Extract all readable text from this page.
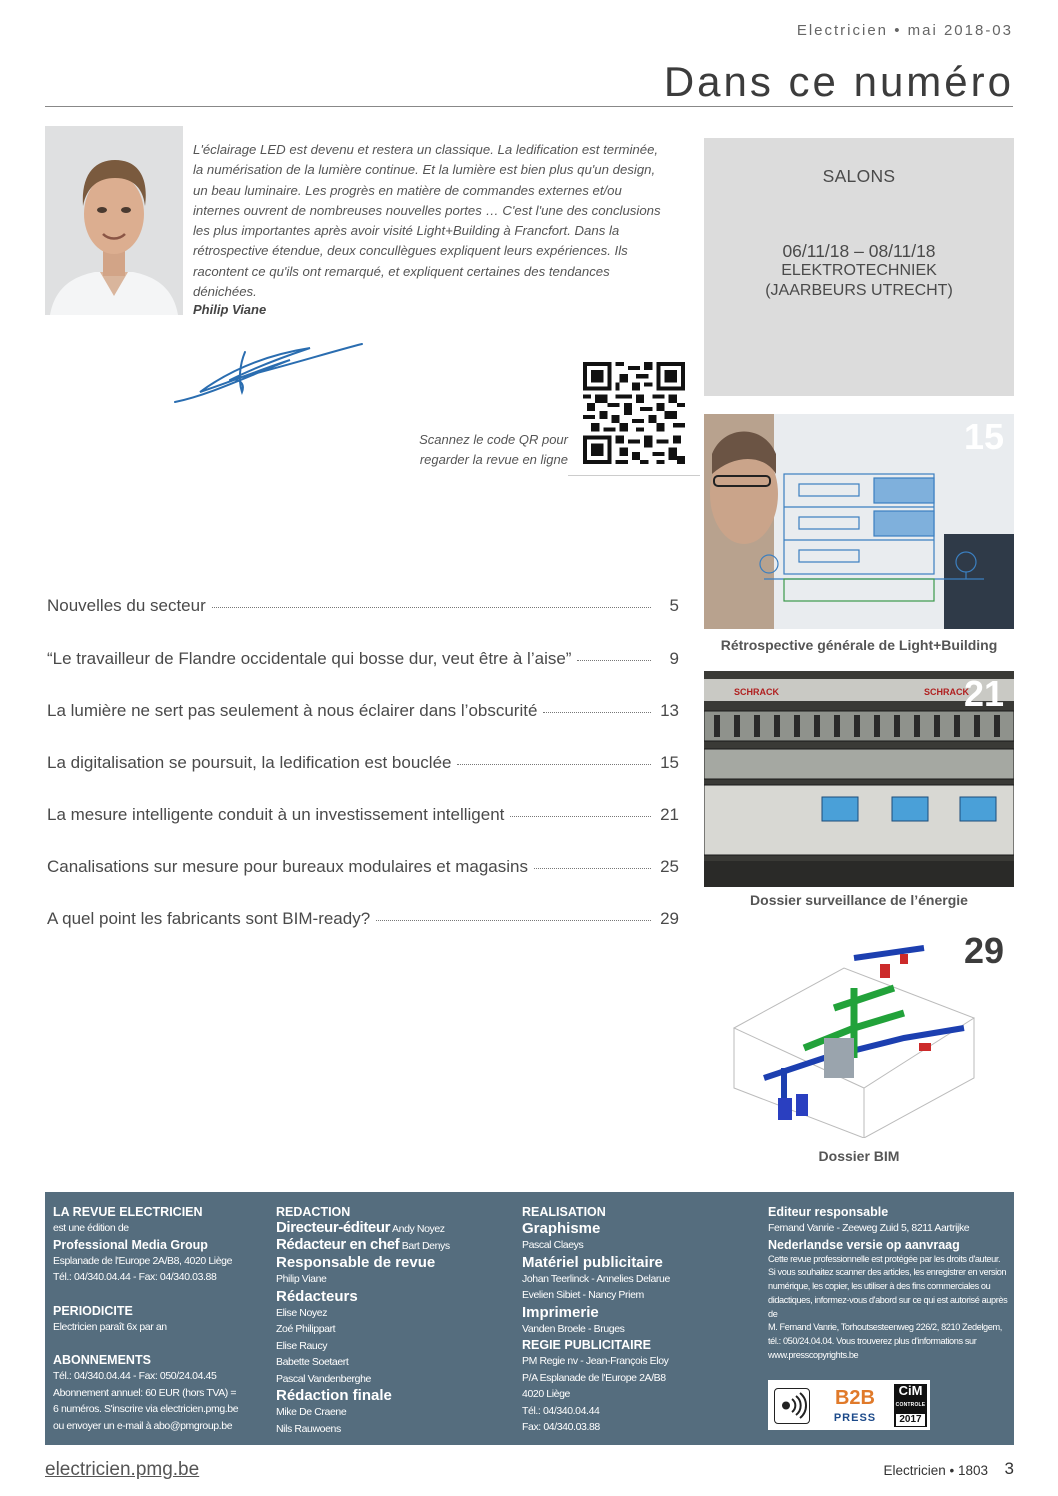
Electricien • mai 2018-03
Dans ce numéro

L'éclairage LED est devenu et restera un classique. La ledification est terminée, la numérisation de la lumière continue. Et la lumière est bien plus qu'un design, un beau luminaire. Les progrès en matière de commandes externes et/ou internes ouvrent de nombreuses nouvelles portes … C'est l'une des conclusions les plus importantes après avoir visité Light+Building à Francfort. Dans la rétrospective étendue, deux concullègues expliquent leurs expériences. Ils racontent ce qu'ils ont remarqué, et expliquent certaines des tendances dénichées.

Philip Viane
Scannez le code QR pour
regarder la revue en ligne
SALONS
06/11/18 – 08/11/18
ELEKTROTECHNIEK
(JAARBEURS UTRECHT)
15
Rétrospective générale de Light+Building
SCHRACK	SCHRACK
21
Dossier surveillance de l’énergie
29
Dossier BIM
Nouvelles du secteur	5
“Le travailleur de Flandre occidentale qui bosse dur, veut être à l’aise”	9
La lumière ne sert pas seulement à nous éclairer dans l’obscurité	13
La digitalisation se poursuit, la ledification est bouclée	15
La mesure intelligente conduit à un investissement intelligent	21
Canalisations sur mesure pour bureaux modulaires et magasins	25
A quel point les fabricants sont BIM-ready?	29
LA REVUE ELECTRICIEN
est une édition de
Professional Media Group
Esplanade de l'Europe 2A/B8, 4020 Liège
Tél.: 04/340.04.44 - Fax: 04/340.03.88
PERIODICITE
Electricien paraît 6x par an
ABONNEMENTS
Tél.: 04/340.04.44 - Fax: 050/24.04.45
Abonnement annuel: 60 EUR (hors TVA) =
6 numéros. S'inscrire via electricien.pmg.be
ou envoyer un e-mail à abo@pmgroup.be
REDACTION
Directeur-éditeur Andy Noyez
Rédacteur en chef Bart Denys
Responsable de revue
Philip Viane
Rédacteurs
Elise Noyez
Zoé Philippart
Elise Raucy
Babette Soetaert
Pascal Vandenberghe
Rédaction finale
Mike De Craene
Nils Rauwoens
REALISATION
Graphisme
Pascal Claeys
Matériel publicitaire
Johan Teerlinck - Annelies Delarue
Evelien Sibiet - Nancy Priem
Imprimerie
Vanden Broele - Bruges
REGIE PUBLICITAIRE
PM Regie nv - Jean-François Eloy
P/A Esplanade de l'Europe 2A/B8
4020 Liège
Tél.: 04/340.04.44
Fax: 04/340.03.88
Editeur responsable
Fernand Vanrie - Zeeweg Zuid 5, 8211 Aartrijke
Nederlandse versie op aanvraag
Cette revue professionnelle est protégée par les droits d'auteur.
Si vous souhaitez scanner des articles, les enregistrer en version
numérique, les copier, les utiliser à des fins commerciales ou
didactiques, informez-vous d'abord sur ce qui est autorisé auprès de
M. Fernand Vanrie, Torhoutsesteenweg 226/2, 8210 Zedelgem,
tél.: 050/24.04.04. Vous trouverez plus d'informations sur
www.presscopyrights.be
B2B
PRESS
CiM
CONTROLE
2017
electricien.pmg.be	Electricien • 1803 3
